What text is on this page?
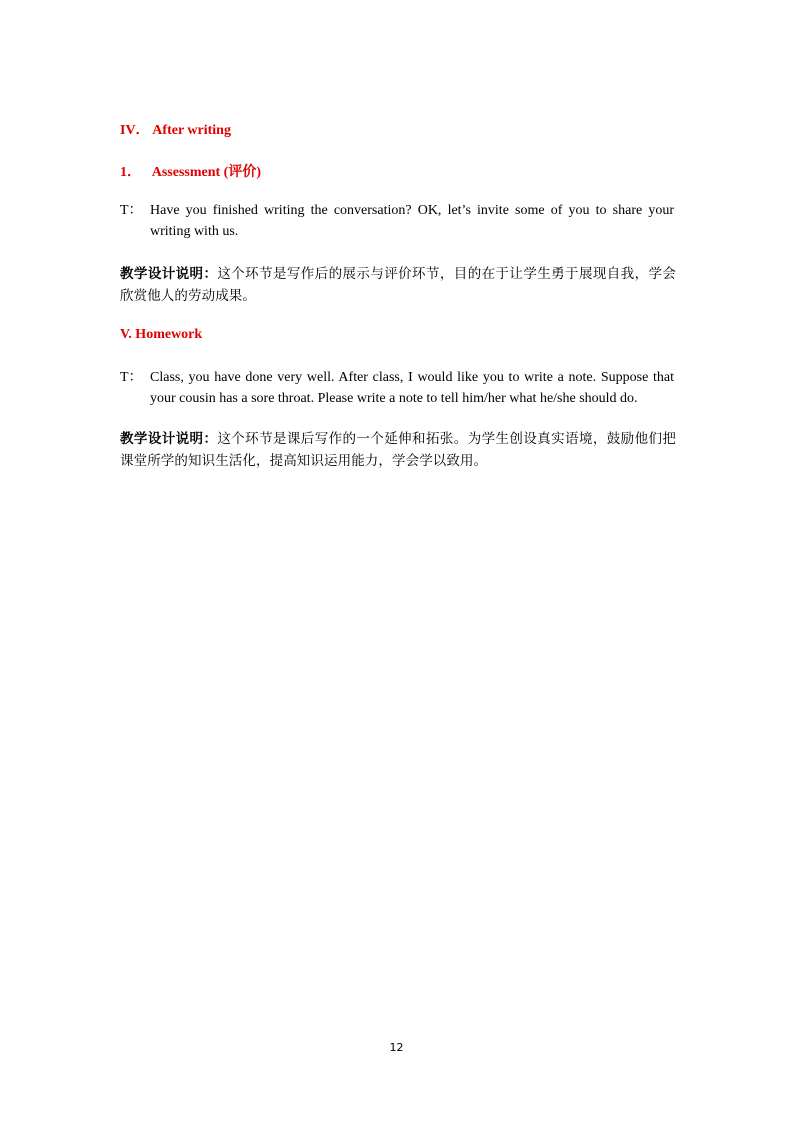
IV． After writing
1． Assessment (评价)
T： Have you finished writing the conversation? OK, let’s invite some of you to share your writing with us.
教学设计说明：这个环节是写作后的展示与评价环节，目的在于让学生勇于展现自我，学会欣赏他人的劳动成果。
V. Homework
T： Class, you have done very well. After class, I would like you to write a note. Suppose that your cousin has a sore throat. Please write a note to tell him/her what he/she should do.
教学设计说明：这个环节是课后写作的一个延伸和拓张。为学生创设真实语境，鼓励他们把课堂所学的知识生活化，提高知识运用能力，学会学以致用。
12
